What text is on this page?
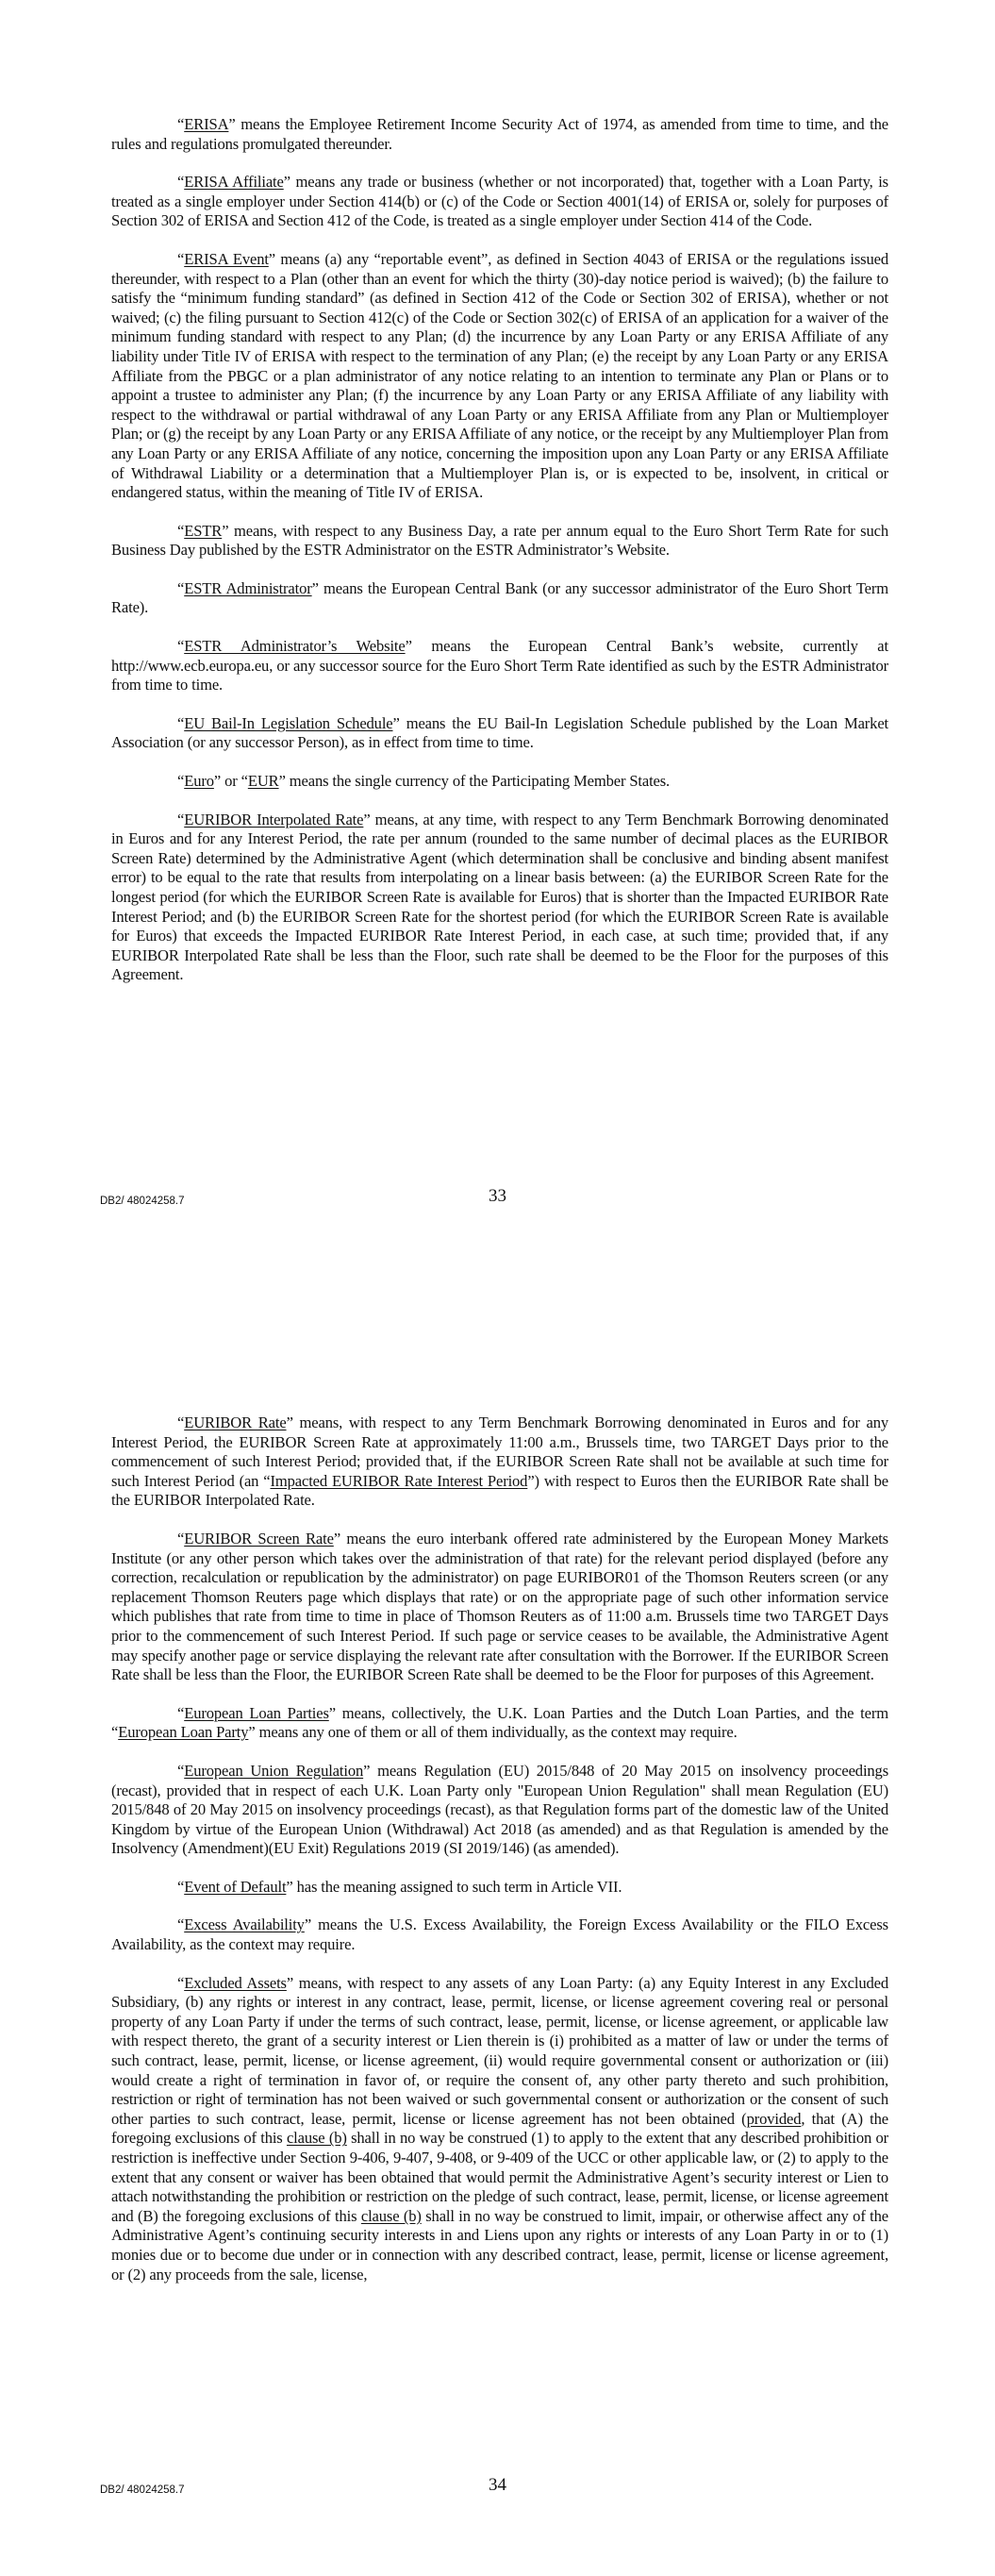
“ERISA” means the Employee Retirement Income Security Act of 1974, as amended from time to time, and the rules and regulations promulgated thereunder.

“ERISA Affiliate” means any trade or business (whether or not incorporated) that, together with a Loan Party, is treated as a single employer under Section 414(b) or (c) of the Code or Section 4001(14) of ERISA or, solely for purposes of Section 302 of ERISA and Section 412 of the Code, is treated as a single employer under Section 414 of the Code.

“ERISA Event” means (a) any “reportable event”, as defined in Section 4043 of ERISA or the regulations issued thereunder, with respect to a Plan (other than an event for which the thirty (30)-day notice period is waived); (b) the failure to satisfy the “minimum funding standard” (as defined in Section 412 of the Code or Section 302 of ERISA), whether or not waived; (c) the filing pursuant to Section 412(c) of the Code or Section 302(c) of ERISA of an application for a waiver of the minimum funding standard with respect to any Plan; (d) the incurrence by any Loan Party or any ERISA Affiliate of any liability under Title IV of ERISA with respect to the termination of any Plan; (e) the receipt by any Loan Party or any ERISA Affiliate from the PBGC or a plan administrator of any notice relating to an intention to terminate any Plan or Plans or to appoint a trustee to administer any Plan; (f) the incurrence by any Loan Party or any ERISA Affiliate of any liability with respect to the withdrawal or partial withdrawal of any Loan Party or any ERISA Affiliate from any Plan or Multiemployer Plan; or (g) the receipt by any Loan Party or any ERISA Affiliate of any notice, or the receipt by any Multiemployer Plan from any Loan Party or any ERISA Affiliate of any notice, concerning the imposition upon any Loan Party or any ERISA Affiliate of Withdrawal Liability or a determination that a Multiemployer Plan is, or is expected to be, insolvent, in critical or endangered status, within the meaning of Title IV of ERISA.

“ESTR” means, with respect to any Business Day, a rate per annum equal to the Euro Short Term Rate for such Business Day published by the ESTR Administrator on the ESTR Administrator’s Website.

“ESTR Administrator” means the European Central Bank (or any successor administrator of the Euro Short Term Rate).

“ESTR Administrator’s Website” means the European Central Bank’s website, currently at http://www.ecb.europa.eu, or any successor source for the Euro Short Term Rate identified as such by the ESTR Administrator from time to time.

“EU Bail-In Legislation Schedule” means the EU Bail-In Legislation Schedule published by the Loan Market Association (or any successor Person), as in effect from time to time.

“Euro” or “EUR” means the single currency of the Participating Member States.

“EURIBOR Interpolated Rate” means, at any time, with respect to any Term Benchmark Borrowing denominated in Euros and for any Interest Period, the rate per annum (rounded to the same number of decimal places as the EURIBOR Screen Rate) determined by the Administrative Agent (which determination shall be conclusive and binding absent manifest error) to be equal to the rate that results from interpolating on a linear basis between: (a) the EURIBOR Screen Rate for the longest period (for which the EURIBOR Screen Rate is available for Euros) that is shorter than the Impacted EURIBOR Rate Interest Period; and (b) the EURIBOR Screen Rate for the shortest period (for which the EURIBOR Screen Rate is available for Euros) that exceeds the Impacted EURIBOR Rate Interest Period, in each case, at such time; provided that, if any EURIBOR Interpolated Rate shall be less than the Floor, such rate shall be deemed to be the Floor for the purposes of this Agreement.

DB2/ 48024258.7	33

“EURIBOR Rate” means, with respect to any Term Benchmark Borrowing denominated in Euros and for any Interest Period, the EURIBOR Screen Rate at approximately 11:00 a.m., Brussels time, two TARGET Days prior to the commencement of such Interest Period; provided that, if the EURIBOR Screen Rate shall not be available at such time for such Interest Period (an “Impacted EURIBOR Rate Interest Period”) with respect to Euros then the EURIBOR Rate shall be the EURIBOR Interpolated Rate.

“EURIBOR Screen Rate” means the euro interbank offered rate administered by the European Money Markets Institute (or any other person which takes over the administration of that rate) for the relevant period displayed (before any correction, recalculation or republication by the administrator) on page EURIBOR01 of the Thomson Reuters screen (or any replacement Thomson Reuters page which displays that rate) or on the appropriate page of such other information service which publishes that rate from time to time in place of Thomson Reuters as of 11:00 a.m. Brussels time two TARGET Days prior to the commencement of such Interest Period. If such page or service ceases to be available, the Administrative Agent may specify another page or service displaying the relevant rate after consultation with the Borrower. If the EURIBOR Screen Rate shall be less than the Floor, the EURIBOR Screen Rate shall be deemed to be the Floor for purposes of this Agreement.

“European Loan Parties” means, collectively, the U.K. Loan Parties and the Dutch Loan Parties, and the term “European Loan Party” means any one of them or all of them individually, as the context may require.

“European Union Regulation” means Regulation (EU) 2015/848 of 20 May 2015 on insolvency proceedings (recast), provided that in respect of each U.K. Loan Party only "European Union Regulation" shall mean Regulation (EU) 2015/848 of 20 May 2015 on insolvency proceedings (recast), as that Regulation forms part of the domestic law of the United Kingdom by virtue of the European Union (Withdrawal) Act 2018 (as amended) and as that Regulation is amended by the Insolvency (Amendment)(EU Exit) Regulations 2019 (SI 2019/146) (as amended).

“Event of Default” has the meaning assigned to such term in Article VII.

“Excess Availability” means the U.S. Excess Availability, the Foreign Excess Availability or the FILO Excess Availability, as the context may require.

“Excluded Assets” means, with respect to any assets of any Loan Party: (a) any Equity Interest in any Excluded Subsidiary, (b) any rights or interest in any contract, lease, permit, license, or license agreement covering real or personal property of any Loan Party if under the terms of such contract, lease, permit, license, or license agreement, or applicable law with respect thereto, the grant of a security interest or Lien therein is (i) prohibited as a matter of law or under the terms of such contract, lease, permit, license, or license agreement, (ii) would require governmental consent or authorization or (iii) would create a right of termination in favor of, or require the consent of, any other party thereto and such prohibition, restriction or right of termination has not been waived or such governmental consent or authorization or the consent of such other parties to such contract, lease, permit, license or license agreement has not been obtained (provided, that (A) the foregoing exclusions of this clause (b) shall in no way be construed (1) to apply to the extent that any described prohibition or restriction is ineffective under Section 9-406, 9-407, 9-408, or 9-409 of the UCC or other applicable law, or (2) to apply to the extent that any consent or waiver has been obtained that would permit the Administrative Agent’s security interest or Lien to attach notwithstanding the prohibition or restriction on the pledge of such contract, lease, permit, license, or license agreement and (B) the foregoing exclusions of this clause (b) shall in no way be construed to limit, impair, or otherwise affect any of the Administrative Agent’s continuing security interests in and Liens upon any rights or interests of any Loan Party in or to (1) monies due or to become due under or in connection with any described contract, lease, permit, license or license agreement, or (2) any proceeds from the sale, license,

DB2/ 48024258.7	34
